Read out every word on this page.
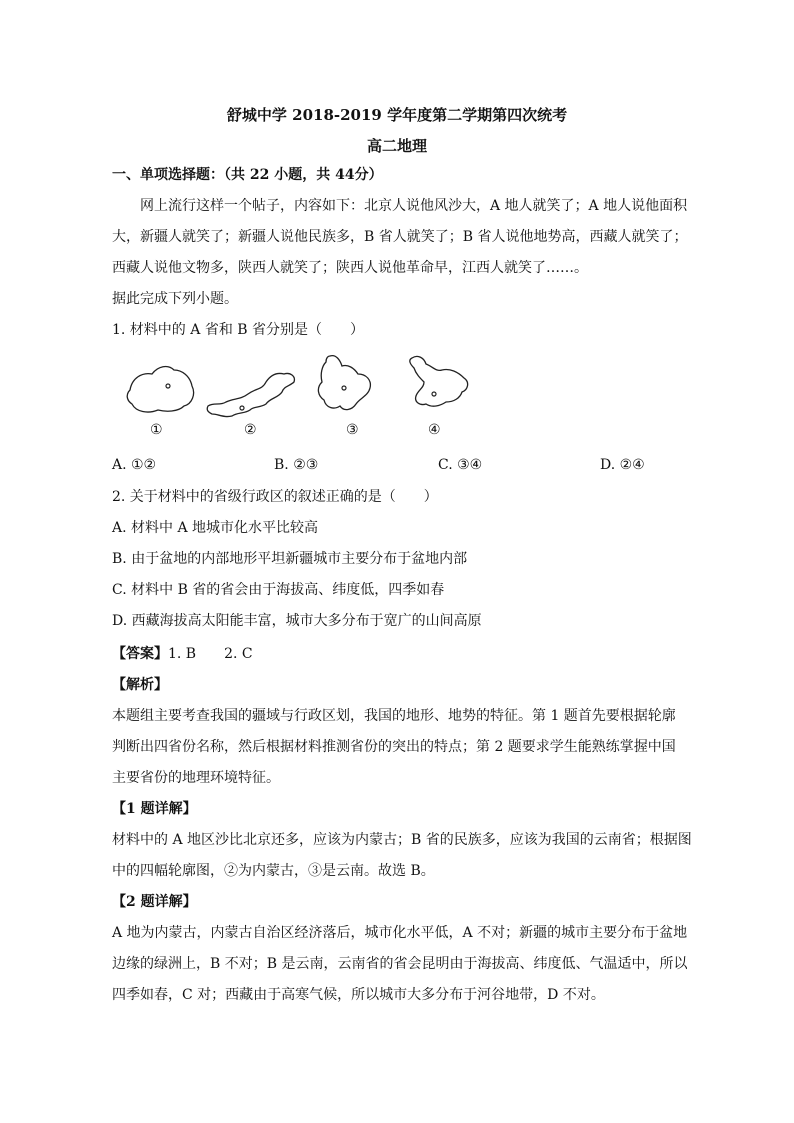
舒城中学 2018-2019 学年度第二学期第四次统考
高二地理
一、单项选择题：（共 22 小题，共 44分）
网上流行这样一个帖子，内容如下：北京人说他风沙大，A 地人就笑了；A 地人说他面积
大，新疆人就笑了；新疆人说他民族多，B 省人就笑了；B 省人说他地势高，西藏人就笑了；
西藏人说他文物多，陕西人就笑了；陕西人说他革命早，江西人就笑了……。
据此完成下列小题。
1. 材料中的 A 省和 B 省分别是（　　）
①	②	③	④
A. ①②	B. ②③	C. ③④	D. ②④
2. 关于材料中的省级行政区的叙述正确的是（　　）
A. 材料中 A 地城市化水平比较高
B. 由于盆地的内部地形平坦新疆城市主要分布于盆地内部
C. 材料中 B 省的省会由于海拔高、纬度低，四季如春
D. 西藏海拔高太阳能丰富，城市大多分布于宽广的山间高原
【答案】1. B　　2. C
【解析】
本题组主要考查我国的疆域与行政区划，我国的地形、地势的特征。第 1 题首先要根据轮廓
判断出四省份名称，然后根据材料推测省份的突出的特点；第 2 题要求学生能熟练掌握中国
主要省份的地理环境特征。
【1 题详解】
材料中的 A 地区沙比北京还多，应该为内蒙古；B 省的民族多，应该为我国的云南省；根据图
中的四幅轮廓图，②为内蒙古，③是云南。故选 B。
【2 题详解】
A 地为内蒙古，内蒙古自治区经济落后，城市化水平低，A 不对；新疆的城市主要分布于盆地
边缘的绿洲上，B 不对；B 是云南，云南省的省会昆明由于海拔高、纬度低、气温适中，所以
四季如春，C 对；西藏由于高寒气候，所以城市大多分布于河谷地带，D 不对。
